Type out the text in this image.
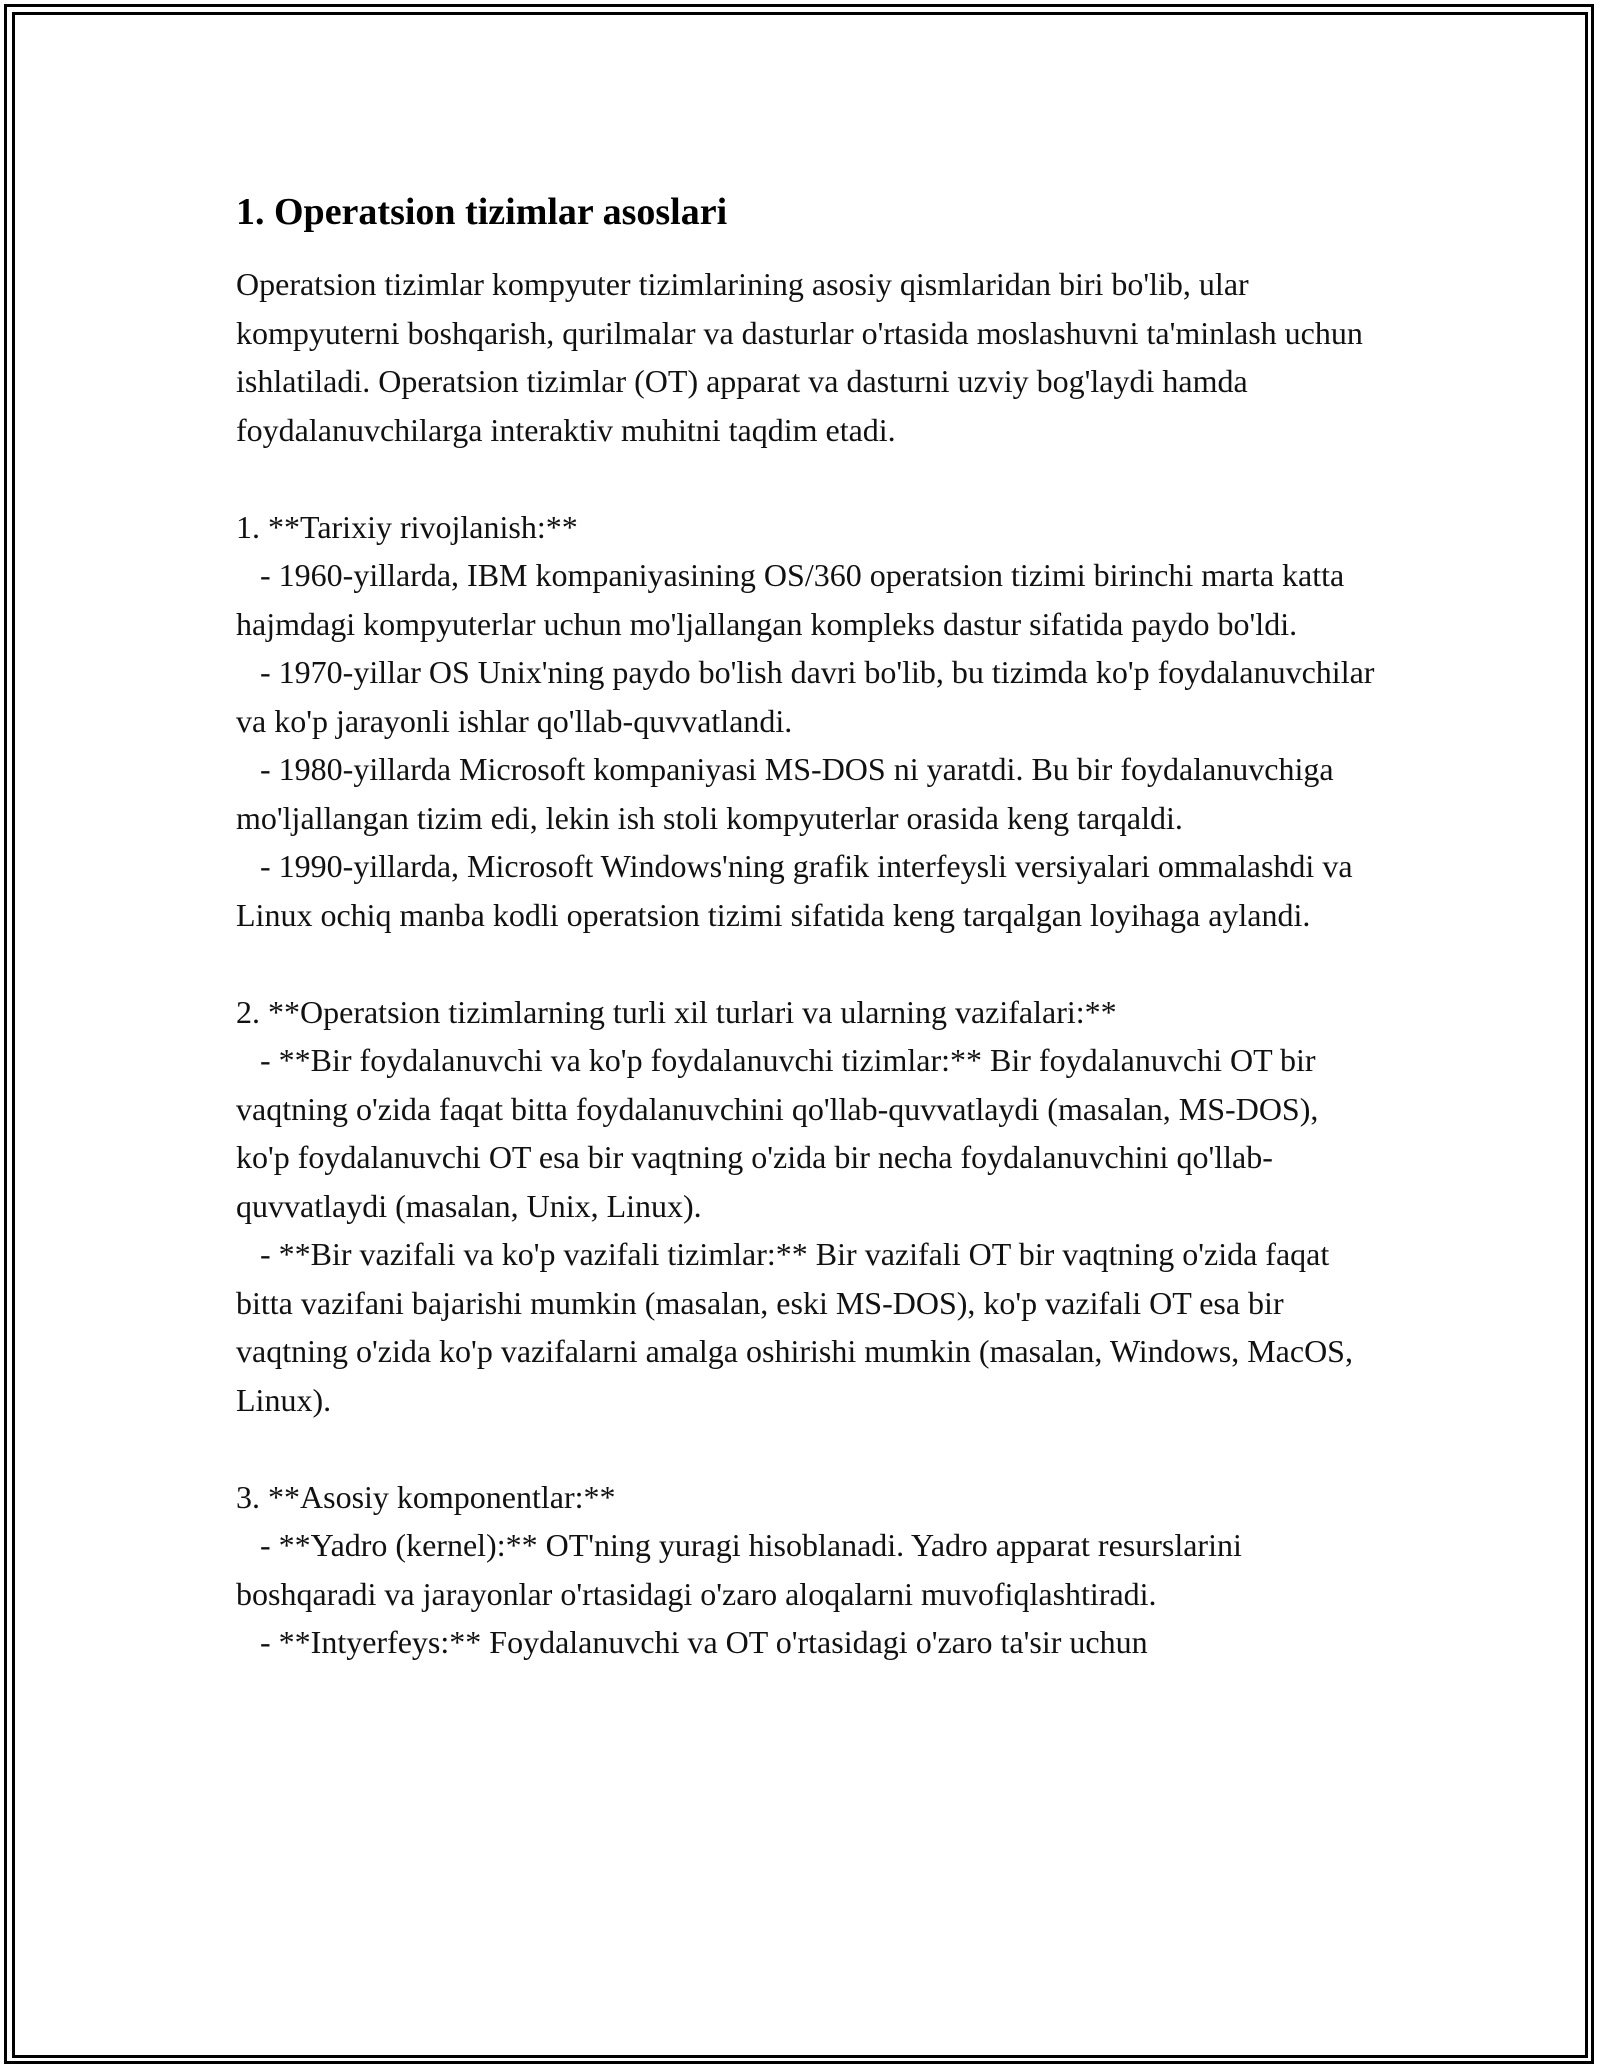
1. Operatsion tizimlar asoslari

Operatsion tizimlar kompyuter tizimlarining asosiy qismlaridan biri bo'lib, ular kompyuterni boshqarish, qurilmalar va dasturlar o'rtasida moslashuvni ta'minlash uchun ishlatiladi. Operatsion tizimlar (OT) apparat va dasturni uzviy bog'laydi hamda foydalanuvchilarga interaktiv muhitni taqdim etadi.

1. **Tarixiy rivojlanish:**

- 1960-yillarda, IBM kompaniyasining OS/360 operatsion tizimi birinchi marta katta hajmdagi kompyuterlar uchun mo'ljallangan kompleks dastur sifatida paydo bo'ldi.

- 1970-yillar OS Unix'ning paydo bo'lish davri bo'lib, bu tizimda ko'p foydalanuvchilar va ko'p jarayonli ishlar qo'llab-quvvatlandi.

- 1980-yillarda Microsoft kompaniyasi MS-DOS ni yaratdi. Bu bir foydalanuvchiga mo'ljallangan tizim edi, lekin ish stoli kompyuterlar orasida keng tarqaldi.

- 1990-yillarda, Microsoft Windows'ning grafik interfeysli versiyalari ommalashdi va Linux ochiq manba kodli operatsion tizimi sifatida keng tarqalgan loyihaga aylandi.

2. **Operatsion tizimlarning turli xil turlari va ularning vazifalari:**

- **Bir foydalanuvchi va ko'p foydalanuvchi tizimlar:** Bir foydalanuvchi OT bir vaqtning o'zida faqat bitta foydalanuvchini qo'llab-quvvatlaydi (masalan, MS-DOS), ko'p foydalanuvchi OT esa bir vaqtning o'zida bir necha foydalanuvchini qo'llab-quvvatlaydi (masalan, Unix, Linux).

- **Bir vazifali va ko'p vazifali tizimlar:** Bir vazifali OT bir vaqtning o'zida faqat bitta vazifani bajarishi mumkin (masalan, eski MS-DOS), ko'p vazifali OT esa bir vaqtning o'zida ko'p vazifalarni amalga oshirishi mumkin (masalan, Windows, MacOS, Linux).

3. **Asosiy komponentlar:**

- **Yadro (kernel):** OT'ning yuragi hisoblanadi. Yadro apparat resurslarini boshqaradi va jarayonlar o'rtasidagi o'zaro aloqalarni muvofiqlashtiradi.

- **Intyerfeys:** Foydalanuvchi va OT o'rtasidagi o'zaro ta'sir uchun
